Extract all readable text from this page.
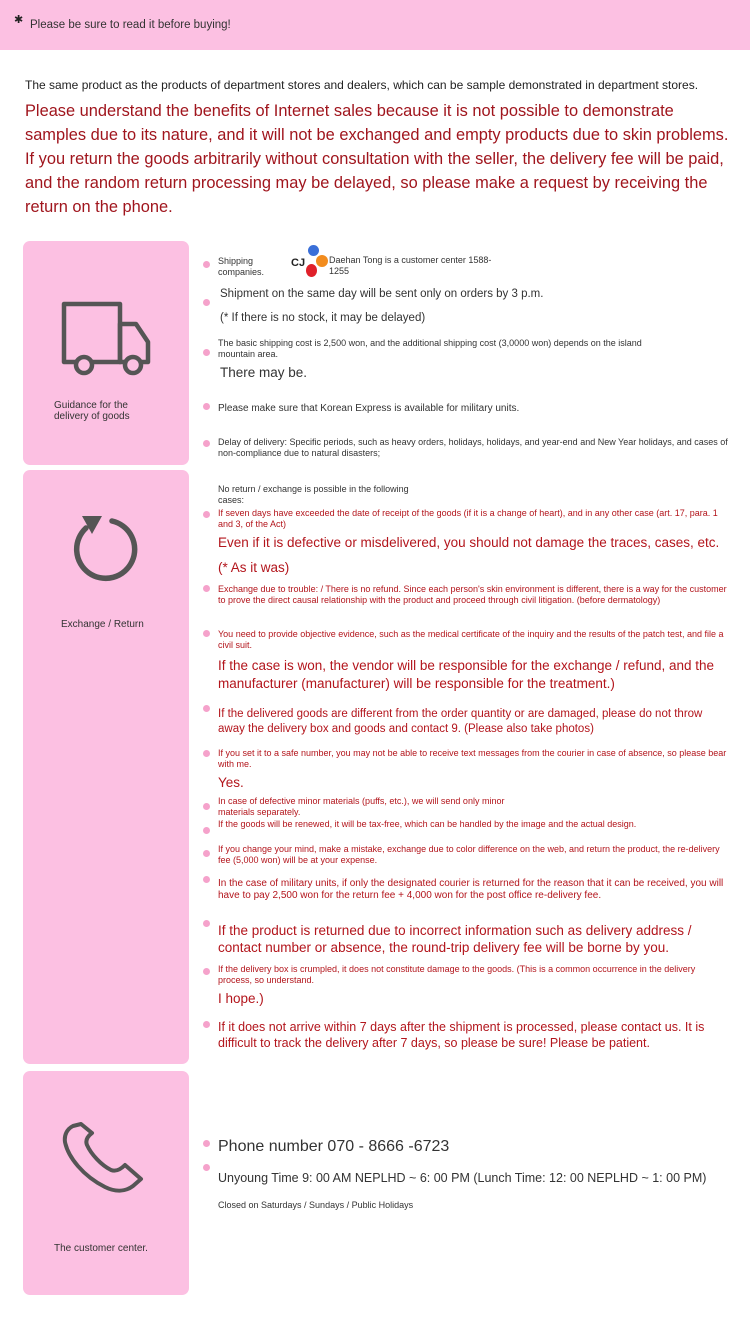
✱ Please be sure to read it before buying!
The same product as the products of department stores and dealers, which can be sample demonstrated in department stores.
Please understand the benefits of Internet sales because it is not possible to demonstrate samples due to its nature, and it will not be exchanged and empty products due to skin problems. If you return the goods arbitrarily without consultation with the seller, the delivery fee will be paid, and the random return processing may be delayed, so please make a request by receiving the return on the phone.
Guidance for the delivery of goods
Shipping companies.
CJ	Daehan Tong is a customer center 1588-1255
Shipment on the same day will be sent only on orders by 3 p.m.
(* If there is no stock, it may be delayed)
The basic shipping cost is 2,500 won, and the additional shipping cost (3,0000 won) depends on the island mountain area.
There may be.
Please make sure that Korean Express is available for military units.
Delay of delivery: Specific periods, such as heavy orders, holidays, holidays, and year-end and New Year holidays, and cases of non-compliance due to natural disasters;
Exchange / Return
No return / exchange is possible in the following cases:
If seven days have exceeded the date of receipt of the goods (if it is a change of heart), and in any other case (art. 17, para. 1 and 3, of the Act)
Even if it is defective or misdelivered, you should not damage the traces, cases, etc.
(* As it was)
Exchange due to trouble: / There is no refund. Since each person's skin environment is different, there is a way for the customer to prove the direct causal relationship with the product and proceed through civil litigation. (before dermatology)
You need to provide objective evidence, such as the medical certificate of the inquiry and the results of the patch test, and file a civil suit.
If the case is won, the vendor will be responsible for the exchange / refund, and the manufacturer (manufacturer) will be responsible for the treatment.)
If the delivered goods are different from the order quantity or are damaged, please do not throw away the delivery box and goods and contact 9. (Please also take photos)
If you set it to a safe number, you may not be able to receive text messages from the courier in case of absence, so please bear with me.
Yes.
In case of defective minor materials (puffs, etc.), we will send only minor materials separately.
If the goods will be renewed, it will be tax-free, which can be handled by the image and the actual design.
If you change your mind, make a mistake, exchange due to color difference on the web, and return the product, the re-delivery fee (5,000 won) will be at your expense.
In the case of military units, if only the designated courier is returned for the reason that it can be received, you will have to pay 2,500 won for the return fee + 4,000 won for the post office re-delivery fee.
If the product is returned due to incorrect information such as delivery address / contact number or absence, the round-trip delivery fee will be borne by you.
If the delivery box is crumpled, it does not constitute damage to the goods. (This is a common occurrence in the delivery process, so understand.
I hope.)
If it does not arrive within 7 days after the shipment is processed, please contact us. It is difficult to track the delivery after 7 days, so please be sure! Please be patient.
The customer center.
Phone number 070 - 8666 -6723
Unyoung Time 9: 00 AM NEPLHD ~ 6: 00 PM (Lunch Time: 12: 00 NEPLHD ~ 1: 00 PM)
Closed on Saturdays / Sundays / Public Holidays
